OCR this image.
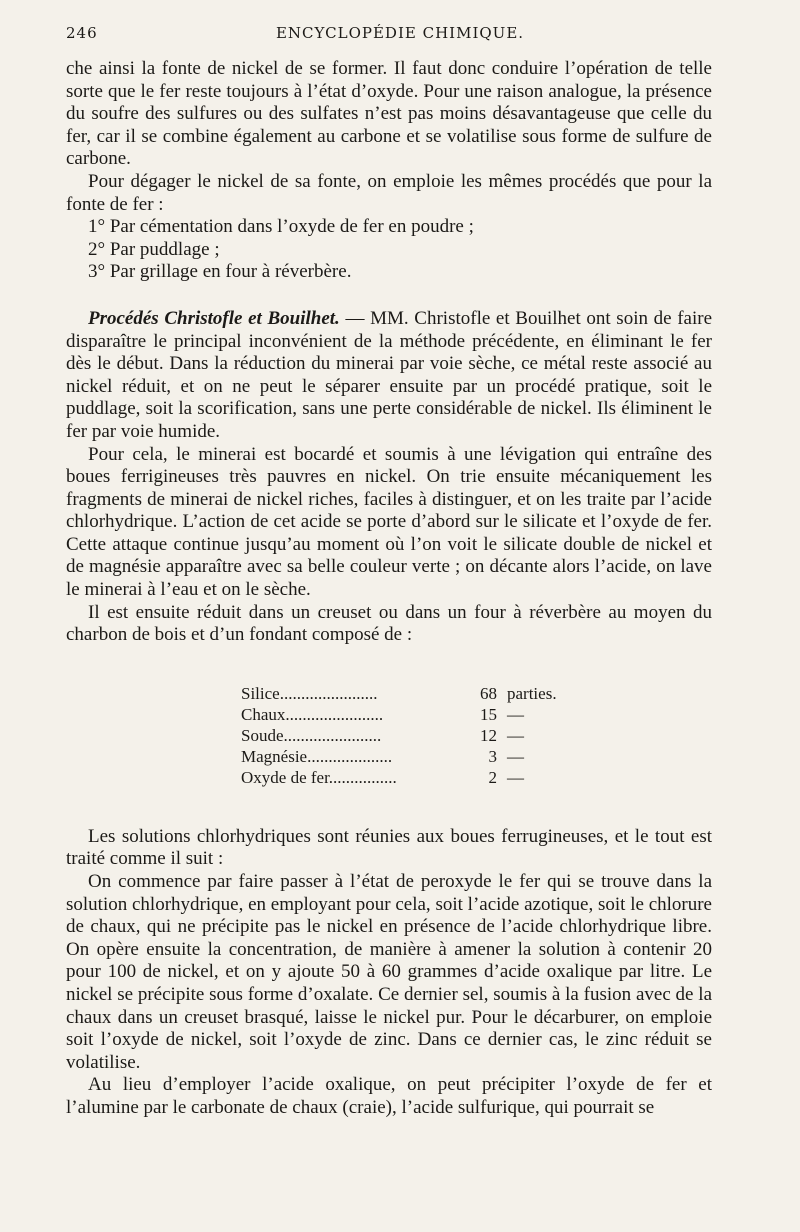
246	ENCYCLOPÉDIE CHIMIQUE.

che ainsi la fonte de nickel de se former. Il faut donc conduire l’opération de telle sorte que le fer reste toujours à l’état d’oxyde. Pour une raison analogue, la présence du soufre des sulfures ou des sulfates n’est pas moins désavantageuse que celle du fer, car il se combine également au carbone et se volatilise sous forme de sulfure de carbone.

Pour dégager le nickel de sa fonte, on emploie les mêmes procédés que pour la fonte de fer :

1° Par cémentation dans l’oxyde de fer en poudre ;

2° Par puddlage ;

3° Par grillage en four à réverbère.

Procédés Christofle et Bouilhet. — MM. Christofle et Bouilhet ont soin de faire disparaître le principal inconvénient de la méthode précédente, en éliminant le fer dès le début. Dans la réduction du minerai par voie sèche, ce métal reste associé au nickel réduit, et on ne peut le séparer ensuite par un procédé pratique, soit le puddlage, soit la scorification, sans une perte considérable de nickel. Ils éliminent le fer par voie humide.

Pour cela, le minerai est bocardé et soumis à une lévigation qui entraîne des boues ferrigineuses très pauvres en nickel. On trie ensuite mécaniquement les fragments de minerai de nickel riches, faciles à distinguer, et on les traite par l’acide chlorhydrique. L’action de cet acide se porte d’abord sur le silicate et l’oxyde de fer. Cette attaque continue jusqu’au moment où l’on voit le silicate double de nickel et de magnésie apparaître avec sa belle couleur verte ; on décante alors l’acide, on lave le minerai à l’eau et on le sèche.

Il est ensuite réduit dans un creuset ou dans un four à réverbère au moyen du charbon de bois et d’un fondant composé de :

Silice.......................	68	parties.
Chaux.......................	15	—
Soude.......................	12	—
Magnésie....................	3	—
Oxyde de fer................	2	—

Les solutions chlorhydriques sont réunies aux boues ferrugineuses, et le tout est traité comme il suit :

On commence par faire passer à l’état de peroxyde le fer qui se trouve dans la solution chlorhydrique, en employant pour cela, soit l’acide azotique, soit le chlorure de chaux, qui ne précipite pas le nickel en présence de l’acide chlorhydrique libre. On opère ensuite la concentration, de manière à amener la solution à contenir 20 pour 100 de nickel, et on y ajoute 50 à 60 grammes d’acide oxalique par litre. Le nickel se précipite sous forme d’oxalate. Ce dernier sel, soumis à la fusion avec de la chaux dans un creuset brasqué, laisse le nickel pur. Pour le décarburer, on emploie soit l’oxyde de nickel, soit l’oxyde de zinc. Dans ce dernier cas, le zinc réduit se volatilise.

Au lieu d’employer l’acide oxalique, on peut précipiter l’oxyde de fer et l’alumine par le carbonate de chaux (craie), l’acide sulfurique, qui pourrait se
